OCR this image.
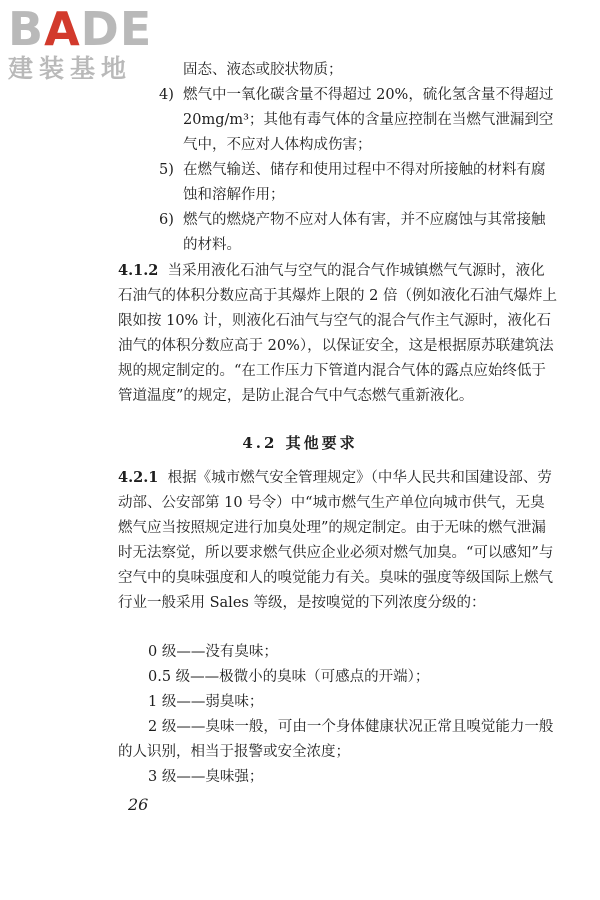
BADE
建装基地	固态、液态或胶状物质；
4) 燃气中一氧化碳含量不得超过 20%，硫化氢含量不得超过 20mg/m³；其他有毒气体的含量应控制在当燃气泄漏到空气中，不应对人体构成伤害；
5) 在燃气输送、储存和使用过程中不得对所接触的材料有腐蚀和溶解作用；
6) 燃气的燃烧产物不应对人体有害，并不应腐蚀与其常接触的材料。
4.1.2 当采用液化石油气与空气的混合气作城镇燃气气源时，液化石油气的体积分数应高于其爆炸上限的 2 倍（例如液化石油气爆炸上限如按 10% 计，则液化石油气与空气的混合气作主气源时，液化石油气的体积分数应高于 20%），以保证安全，这是根据原苏联建筑法规的规定制定的。“在工作压力下管道内混合气体的露点应始终低于管道温度”的规定，是防止混合气中气态燃气重新液化。
4.2 其他要求
4.2.1 根据《城市燃气安全管理规定》（中华人民共和国建设部、劳动部、公安部第 10 号令）中“城市燃气生产单位向城市供气，无臭燃气应当按照规定进行加臭处理”的规定制定。由于无味的燃气泄漏时无法察觉，所以要求燃气供应企业必须对燃气加臭。“可以感知”与空气中的臭味强度和人的嗅觉能力有关。臭味的强度等级国际上燃气行业一般采用 Sales 等级，是按嗅觉的下列浓度分级的：
0 级——没有臭味；
0.5 级——极微小的臭味（可感点的开端）；
1 级——弱臭味；
2 级——臭味一般，可由一个身体健康状况正常且嗅觉能力一般的人识别，相当于报警或安全浓度；
3 级——臭味强；
26
